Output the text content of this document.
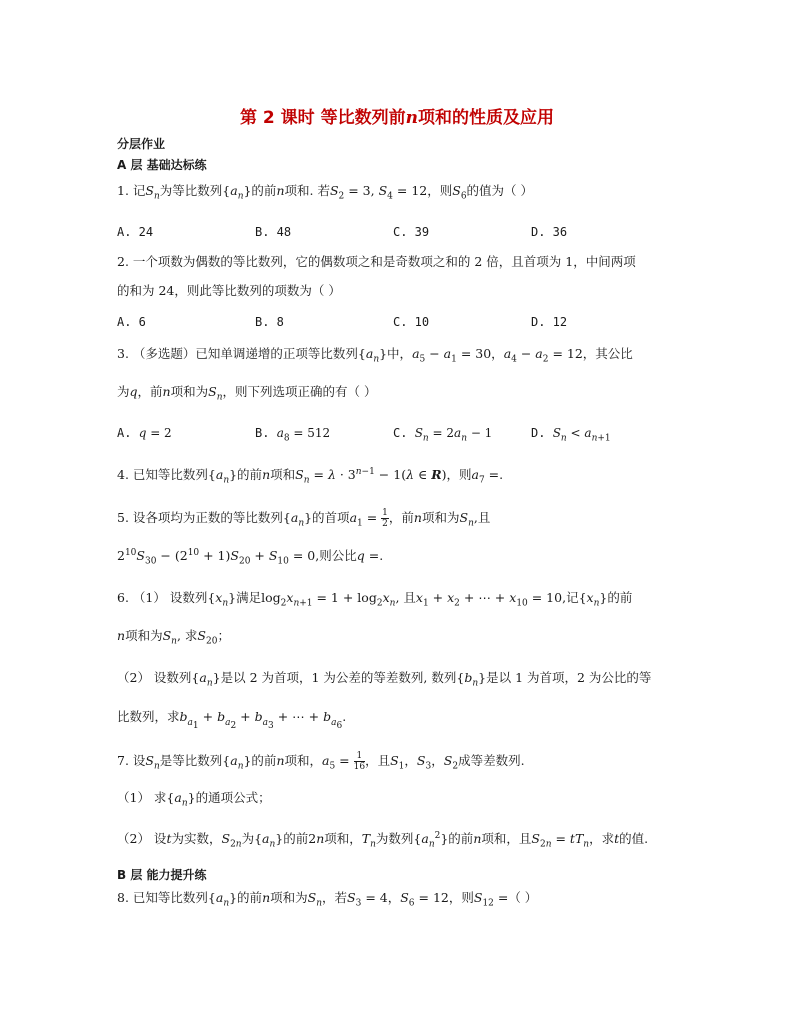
第 2 课时 等比数列前n项和的性质及应用
分层作业
A 层 基础达标练
1. 记$S_n$为等比数列$\{a_n\}$的前n项和. 若$S_2 = 3$, $S_4 = 12$，则$S_6$的值为（ ）
A. 24	B. 48	C. 39	D. 36
2. 一个项数为偶数的等比数列，它的偶数项之和是奇数项之和的 2 倍，且首项为 1，中间两项
的和为 24，则此等比数列的项数为（ ）
A. 6	B. 8	C. 10	D. 12
3. （多选题）已知单调递增的正项等比数列$\{a_n\}$中，$a_5 - a_1 = 30$，$a_4 - a_2 = 12$，其公比
为q，前n项和为$S_n$，则下列选项正确的有（ ）
A. q = 2	B. $a_8 = 512$	C. $S_n = 2a_n - 1$	D. $S_n < a_{n+1}$
4. 已知等比数列$\{a_n\}$的前n项和$S_n = \lambda \cdot 3^{n-1} - 1(\lambda$ ∈ R)，则$a_7$ =.
5. 设各项均为正数的等比数列$\{a_n\}$的首项$a_1 = \frac{1}{2}$ ，前n项和为$S_n$,且
$2^{10}S_{30} - (2^{10} + 1)S_{20} + S_{10} = 0$,则公比q =.
6. （1） 设数列$\{x_n\}$满足$\log_2x_{n+1} = 1 + \log_2x_n$, 且$x_1 + x_2$ + ⋯ + $x_{10} = 10$,记$\{x_n\}$的前
n项和为$S_n$, 求$S_{20}$；
（2） 设数列$\{a_n\}$是以 2 为首项，1 为公差的等差数列, 数列$\{b_n\}$是以 1 为首项，2 为公比的等
比数列，求$b_{a_1} + b_{a_2} + b_{a_3}$ + ⋯ + $b_{a_6}$.
7. 设$S_n$是等比数列$\{a_n\}$的前n项和，$a_5 = \frac{1}{16}$ ，且$S_1$，$S_3$，$S_2$成等差数列.
（1） 求$\{a_n\}$的通项公式；
（2） 设t为实数，$S_{2n}$为$\{a_n\}$的前2n项和，$T_n$为数列$\{a_n^2\}$的前n项和，且$S_{2n} = tT_n$，求t的值.
B 层 能力提升练
8. 已知等比数列$\{a_n\}$的前n项和为$S_n$，若$S_3 = 4$，$S_6 = 12$，则$S_{12}$ =（ ）
